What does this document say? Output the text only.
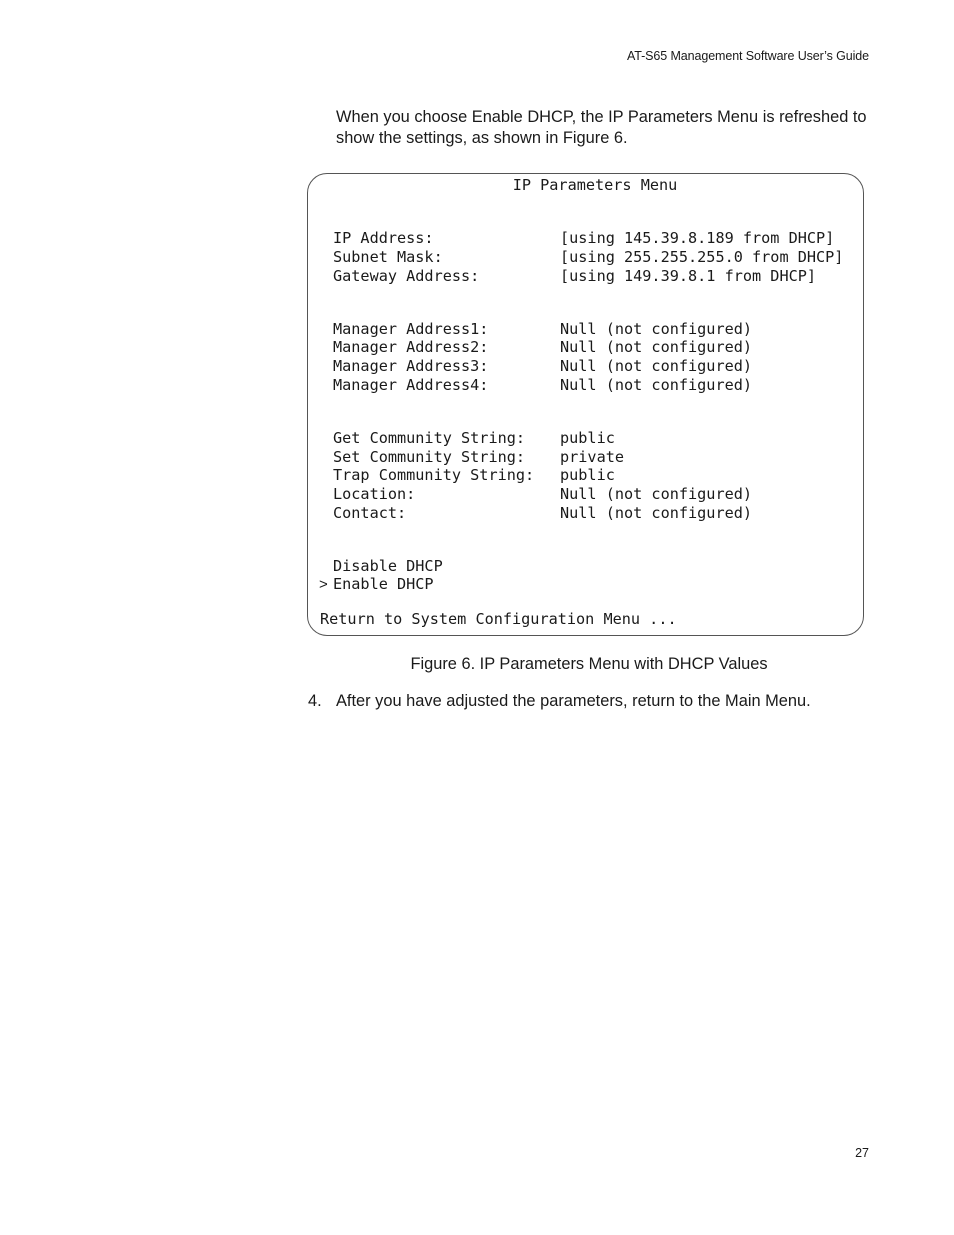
AT-S65 Management Software User’s Guide
When you choose Enable DHCP, the IP Parameters Menu is refreshed to show the settings, as shown in Figure 6.
IP Parameters Menu
IP Address:	[using 145.39.8.189 from DHCP]
Subnet Mask:	[using 255.255.255.0 from DHCP]
Gateway Address:	[using 149.39.8.1 from DHCP]
Manager Address1:	Null (not configured)
Manager Address2:	Null (not configured)
Manager Address3:	Null (not configured)
Manager Address4:	Null (not configured)
Get Community String: public
Set Community String: private
Trap Community String: public
Location:	Null (not configured)
Contact:	Null (not configured)
Disable DHCP
> Enable DHCP
Return to System Configuration Menu ...
Figure 6. IP Parameters Menu with DHCP Values
4. After you have adjusted the parameters, return to the Main Menu.
27
